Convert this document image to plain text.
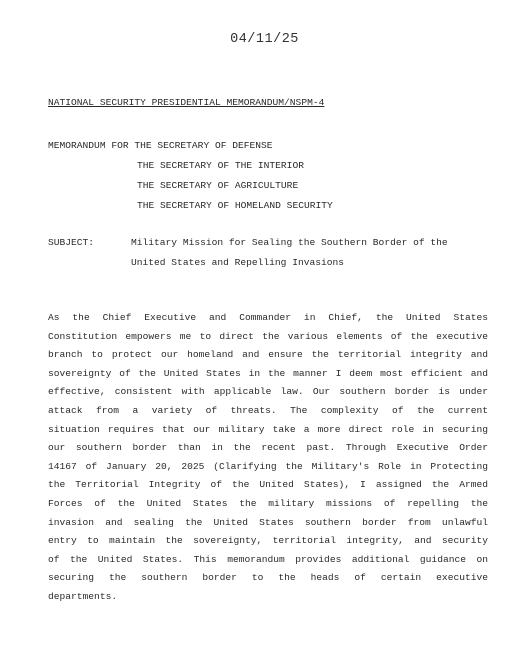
04/11/25
NATIONAL SECURITY PRESIDENTIAL MEMORANDUM/NSPM-4
MEMORANDUM FOR THE SECRETARY OF DEFENSE
THE SECRETARY OF THE INTERIOR
THE SECRETARY OF AGRICULTURE
THE SECRETARY OF HOMELAND SECURITY
SUBJECT:	Military Mission for Sealing the Southern Border of the
United States and Repelling Invasions
As the Chief Executive and Commander in Chief, the United States
Constitution empowers me to direct the various elements of the executive
branch to protect our homeland and ensure the territorial integrity and
sovereignty of the United States in the manner I deem most efficient and
effective, consistent with applicable law. Our southern border is under
attack from a variety of threats. The complexity of the current
situation requires that our military take a more direct role in securing
our southern border than in the recent past. Through Executive Order
14167 of January 20, 2025 (Clarifying the Military's Role in Protecting
the Territorial Integrity of the United States), I assigned the Armed
Forces of the United States the military missions of repelling the
invasion and sealing the United States southern border from unlawful
entry to maintain the sovereignty, territorial integrity, and security
of the United States. This memorandum provides additional guidance on
securing the southern border to the heads of certain executive
departments.
